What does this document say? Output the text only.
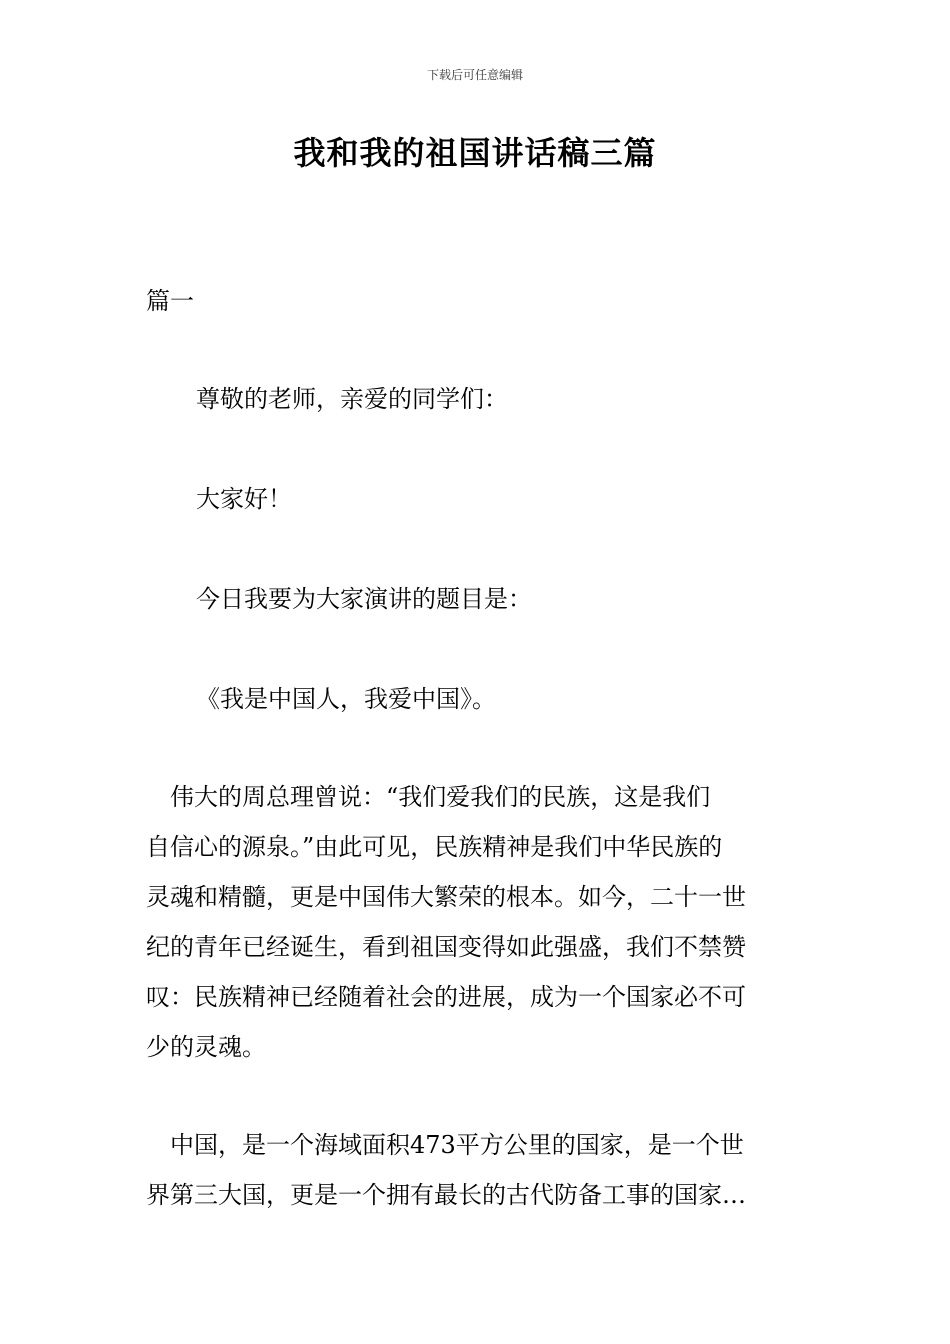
下载后可任意编辑
我和我的祖国讲话稿三篇
篇一
尊敬的老师，亲爱的同学们：
大家好！
今日我要为大家演讲的题目是：
《我是中国人，我爱中国》。
　伟大的周总理曾说：“我们爱我们的民族，这是我们
自信心的源泉。”由此可见，民族精神是我们中华民族的
灵魂和精髓，更是中国伟大繁荣的根本。如今，二十一世
纪的青年已经诞生，看到祖国变得如此强盛，我们不禁赞
叹：民族精神已经随着社会的进展，成为一个国家必不可
少的灵魂。
　中国，是一个海域面积473平方公里的国家，是一个世
界第三大国，更是一个拥有最长的古代防备工事的国家…
